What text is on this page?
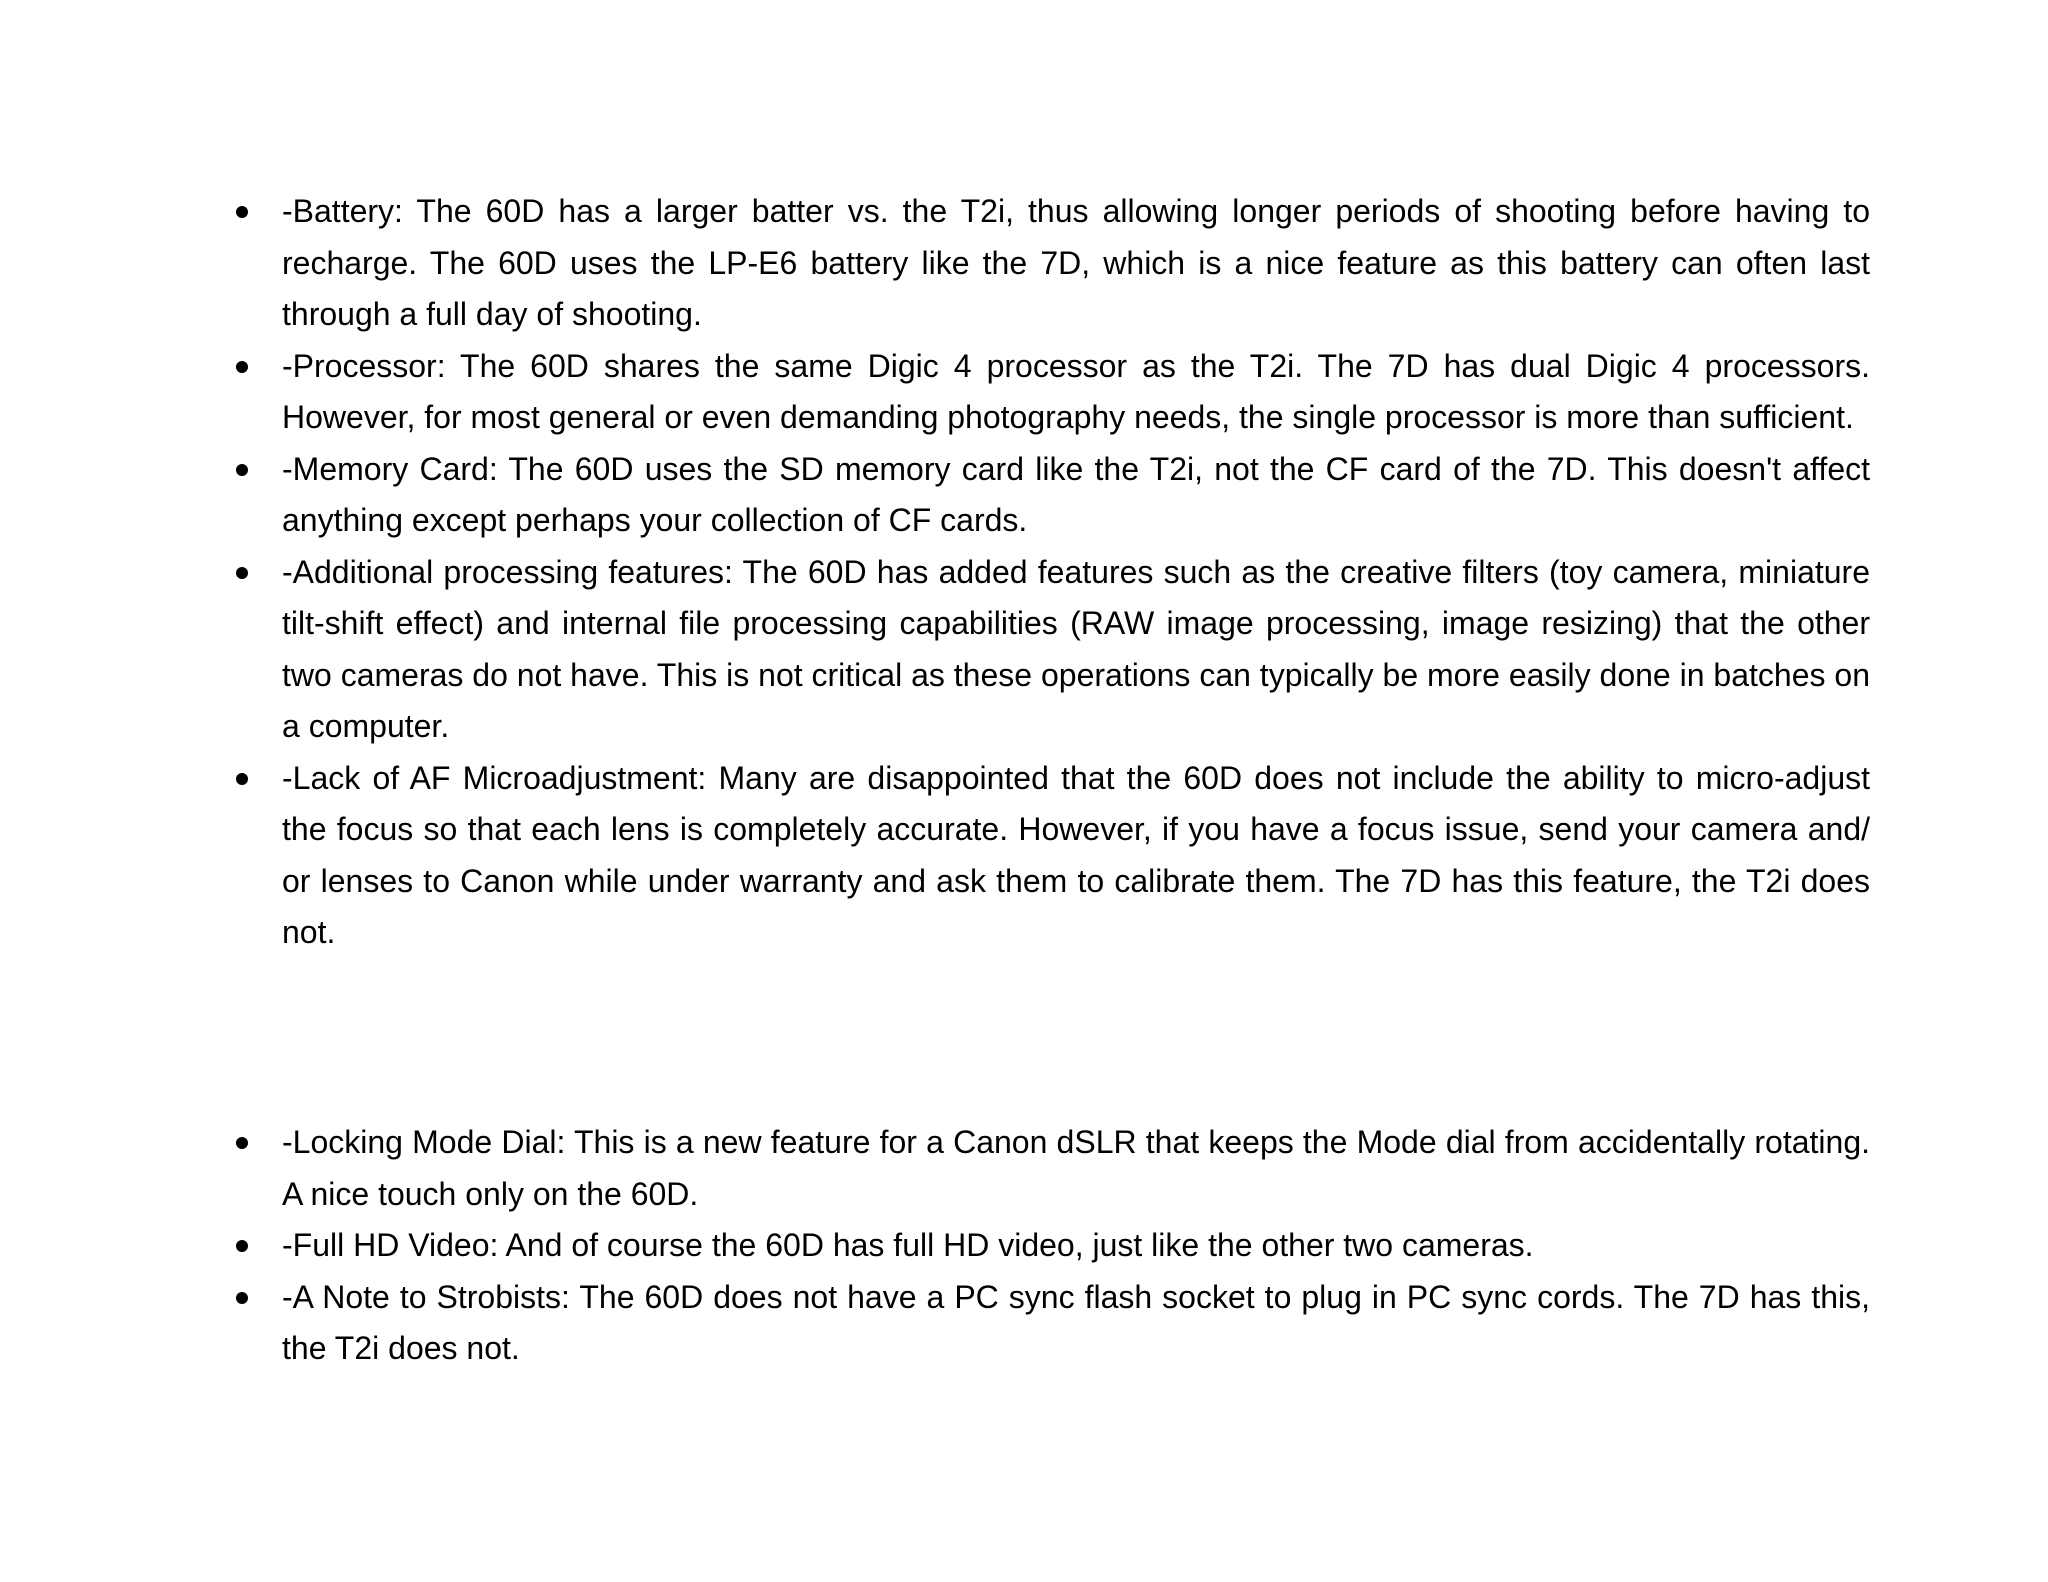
-Battery: The 60D has a larger batter vs. the T2i, thus allowing longer periods of shooting before having to recharge. The 60D uses the LP-E6 battery like the 7D, which is a nice feature as this battery can often last through a full day of shooting.
-Processor: The 60D shares the same Digic 4 processor as the T2i. The 7D has dual Digic 4 processors. However, for most general or even demanding photography needs, the single processor is more than sufficient.
-Memory Card: The 60D uses the SD memory card like the T2i, not the CF card of the 7D. This doesn't affect anything except perhaps your collection of CF cards.
-Additional processing features: The 60D has added features such as the creative filters (toy camera, miniature tilt-shift effect) and internal file processing capabilities (RAW image processing, image resizing) that the other two cameras do not have. This is not critical as these operations can typically be more easily done in batches on a computer.
-Lack of AF Microadjustment: Many are disappointed that the 60D does not include the ability to micro-adjust the focus so that each lens is completely accurate. However, if you have a focus issue, send your camera and/ or lenses to Canon while under warranty and ask them to calibrate them. The 7D has this feature, the T2i does not.
-Locking Mode Dial: This is a new feature for a Canon dSLR that keeps the Mode dial from accidentally rotating. A nice touch only on the 60D.
-Full HD Video: And of course the 60D has full HD video, just like the other two cameras.
-A Note to Strobists: The 60D does not have a PC sync flash socket to plug in PC sync cords. The 7D has this, the T2i does not.
